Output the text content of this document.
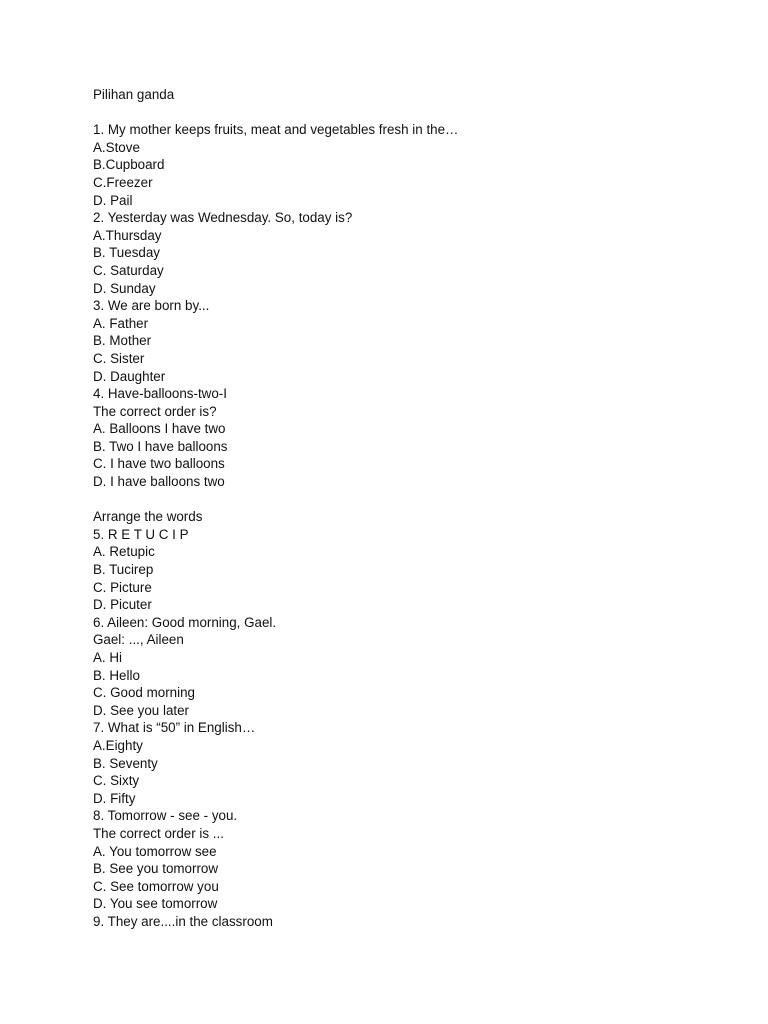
Pilihan ganda
1. My mother keeps fruits, meat and vegetables fresh in the…
A.Stove
B.Cupboard
C.Freezer
D. Pail
2. Yesterday was Wednesday. So, today is?
A.Thursday
B. Tuesday
C. Saturday
D. Sunday
3. We are born by...
A. Father
B. Mother
C. Sister
D. Daughter
4. Have-balloons-two-I
The correct order is?
A. Balloons I have two
B. Two I have balloons
C. I have two balloons
D. I have balloons two
Arrange the words
5. R E T U C I P
A. Retupic
B. Tucirep
C. Picture
D. Picuter
6. Aileen: Good morning, Gael.
Gael: ..., Aileen
A. Hi
B. Hello
C. Good morning
D. See you later
7. What is “50” in English…
A.Eighty
B. Seventy
C. Sixty
D. Fifty
8. Tomorrow - see - you.
The correct order is ...
A. You tomorrow see
B. See you tomorrow
C. See tomorrow you
D. You see tomorrow
9. They are....in the classroom
